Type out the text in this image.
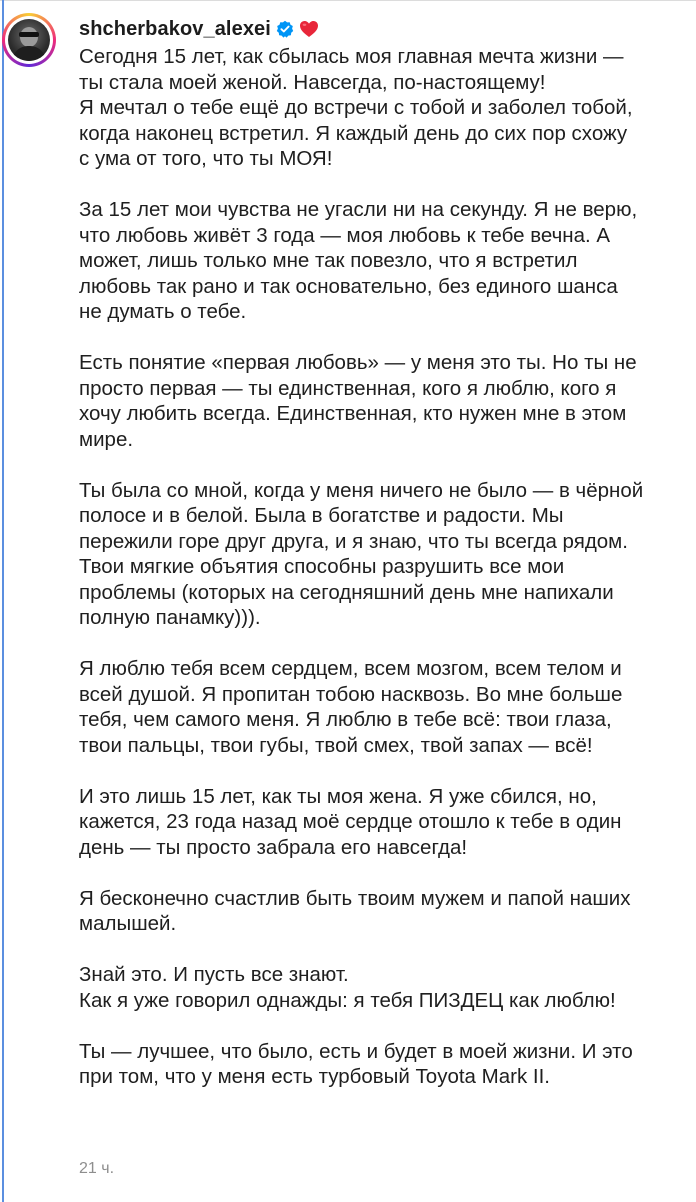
shcherbakov_alexei

Сегодня 15 лет, как сбылась моя главная мечта жизни —
ты стала моей женой. Навсегда, по-настоящему!
Я мечтал о тебе ещё до встречи с тобой и заболел тобой,
когда наконец встретил. Я каждый день до сих пор схожу
с ума от того, что ты МОЯ!

За 15 лет мои чувства не угасли ни на секунду. Я не верю,
что любовь живёт 3 года — моя любовь к тебе вечна. А
может, лишь только мне так повезло, что я встретил
любовь так рано и так основательно, без единого шанса
не думать о тебе.

Есть понятие «первая любовь» — у меня это ты. Но ты не
просто первая — ты единственная, кого я люблю, кого я
хочу любить всегда. Единственная, кто нужен мне в этом
мире.

Ты была со мной, когда у меня ничего не было — в чёрной
полосе и в белой. Была в богатстве и радости. Мы
пережили горе друг друга, и я знаю, что ты всегда рядом.
Твои мягкие объятия способны разрушить все мои
проблемы (которых на сегодняшний день мне напихали
полную панамку))).

Я люблю тебя всем сердцем, всем мозгом, всем телом и
всей душой. Я пропитан тобою насквозь. Во мне больше
тебя, чем самого меня. Я люблю в тебе всё: твои глаза,
твои пальцы, твои губы, твой смех, твой запах — всё!

И это лишь 15 лет, как ты моя жена. Я уже сбился, но,
кажется, 23 года назад моё сердце отошло к тебе в один
день — ты просто забрала его навсегда!

Я бесконечно счастлив быть твоим мужем и папой наших
малышей.

Знай это. И пусть все знают.
Как я уже говорил однажды: я тебя ПИЗДЕЦ как люблю!

Ты — лучшее, что было, есть и будет в моей жизни. И это
при том, что у меня есть турбовый Toyota Mark II.

21 ч.
